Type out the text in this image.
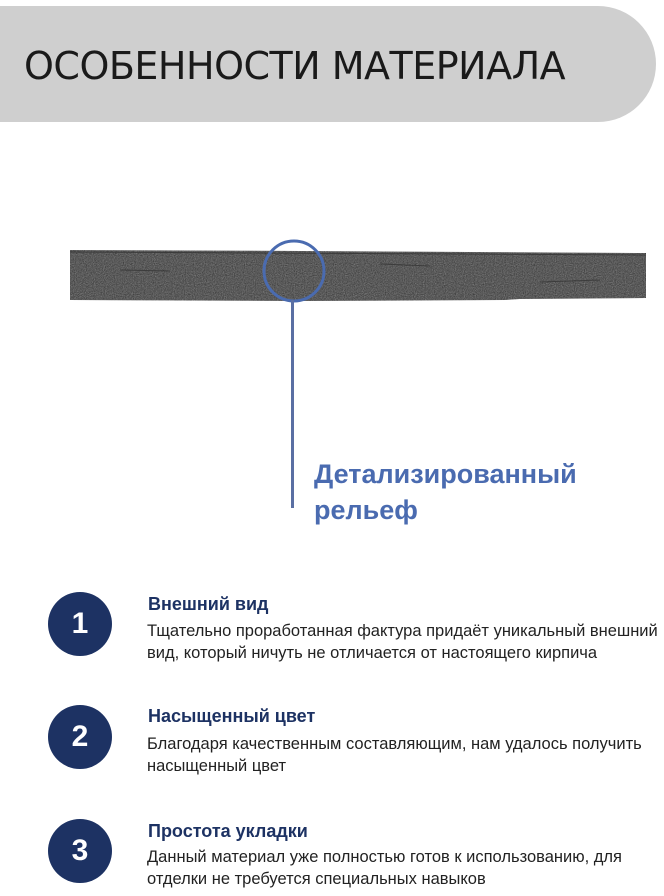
ОСОБЕННОСТИ МАТЕРИАЛА
Детализированный
рельеф
1
Внешний вид
Тщательно проработанная фактура придаёт уникальный внешний вид, который ничуть не отличается от настоящего кирпича
2
Насыщенный цвет
Благодаря качественным составляющим, нам удалось получить насыщенный цвет
3
Простота укладки
Данный материал уже полностью готов к использованию, для отделки не требуется специальных навыков
